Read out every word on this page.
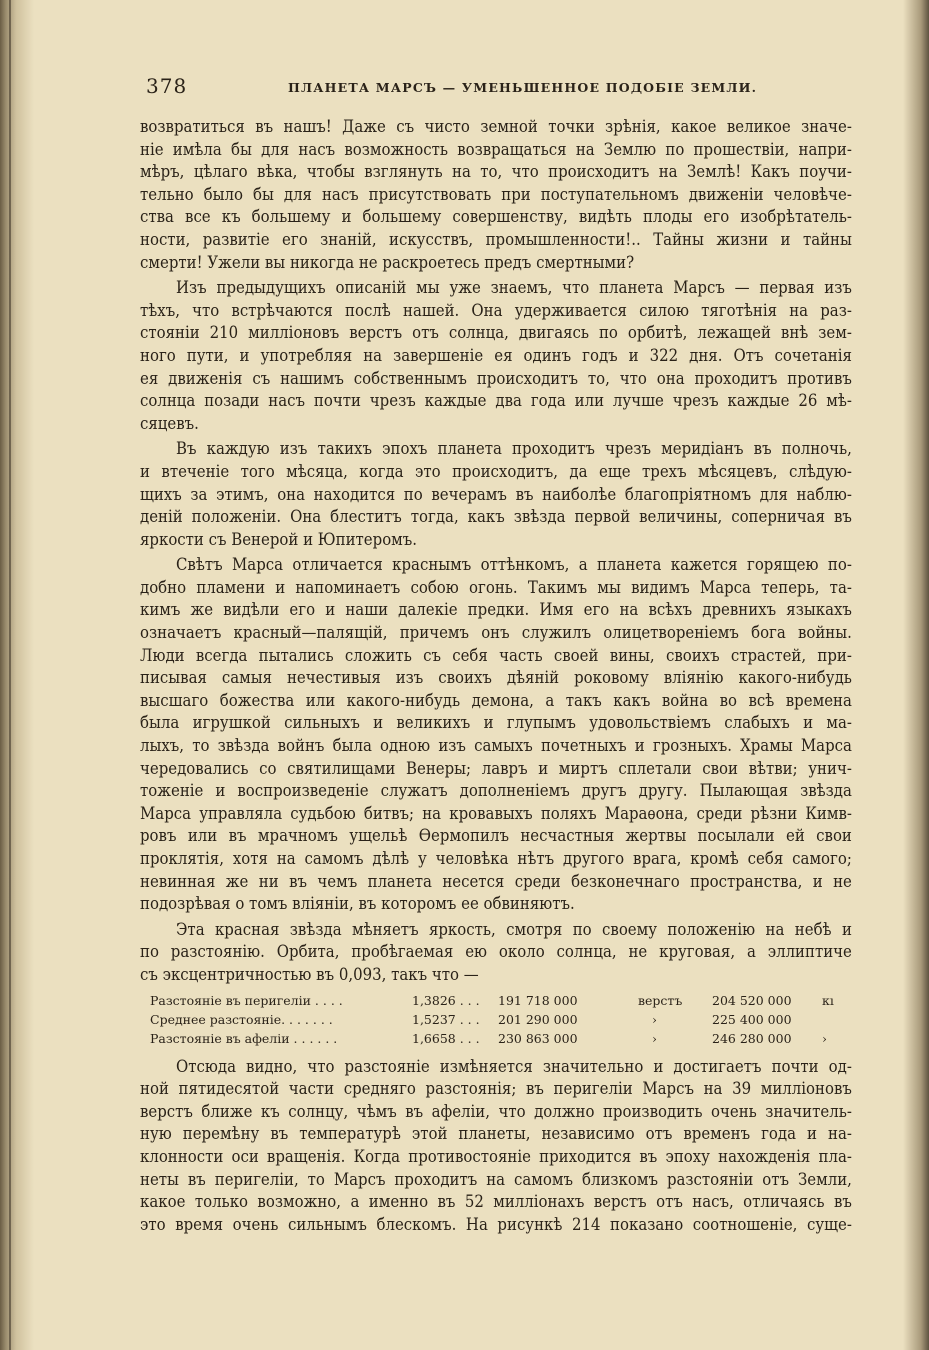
378	ПЛАНЕТА МАРСЪ — УМЕНЬШЕННОЕ ПОДОБІЕ ЗЕМЛИ.

возвратиться въ нашъ! Даже съ чисто земной точки зрѣнія, какое великое значе-
ніе имѣла бы для насъ возможность возвращаться на Землю по прошествіи, напри-
мѣръ, цѣлаго вѣка, чтобы взглянуть на то, что происходитъ на Землѣ! Какъ поучи-
тельно было бы для насъ присутствовать при поступательномъ движеніи человѣче-
ства все къ большему и большему совершенству, видѣть плоды его изобрѣтатель-
ности, развитіе его знаній, искусствъ, промышленности!.. Тайны жизни и тайны
смерти! Ужели вы никогда не раскроетесь предъ смертными?

Изъ предыдущихъ описаній мы уже знаемъ, что планета Марсъ — первая изъ
тѣхъ, что встрѣчаются послѣ нашей. Она удерживается силою тяготѣнія на раз-
стояніи 210 милліоновъ верстъ отъ солнца, двигаясь по орбитѣ, лежащей внѣ зем-
ного пути, и употребляя на завершеніе ея одинъ годъ и 322 дня. Отъ сочетанія
ея движенія съ нашимъ собственнымъ происходитъ то, что она проходитъ противъ
солнца позади насъ почти чрезъ каждые два года или лучше чрезъ каждые 26 мѣ-
сяцевъ.

Въ каждую изъ такихъ эпохъ планета проходитъ чрезъ меридіанъ въ полночь,
и втеченіе того мѣсяца, когда это происходитъ, да еще трехъ мѣсяцевъ, слѣдую-
щихъ за этимъ, она находится по вечерамъ въ наиболѣе благопріятномъ для наблю-
деній положеніи. Она блеститъ тогда, какъ звѣзда первой величины, соперничая въ
яркости съ Венерой и Юпитеромъ.

Свѣтъ Марса отличается краснымъ оттѣнкомъ, а планета кажется горящею по-
добно пламени и напоминаетъ собою огонь. Такимъ мы видимъ Марса теперь, та-
кимъ же видѣли его и наши далекіе предки. Имя его на всѣхъ древнихъ языкахъ
означаетъ красный—палящій, причемъ онъ служилъ олицетвореніемъ бога войны.
Люди всегда пытались сложить съ себя часть своей вины, своихъ страстей, при-
писывая самыя нечестивыя изъ своихъ дѣяній роковому вліянію какого-нибудь
высшаго божества или какого-нибудь демона, а такъ какъ война во всѣ времена
была игрушкой сильныхъ и великихъ и глупымъ удовольствіемъ слабыхъ и ма-
лыхъ, то звѣзда войнъ была одною изъ самыхъ почетныхъ и грозныхъ. Храмы Марса
чередовались со святилищами Венеры; лавръ и миртъ сплетали свои вѣтви; унич-
тоженіе и воспроизведеніе служатъ дополненіемъ другъ другу. Пылающая звѣзда
Марса управляла судьбою битвъ; на кровавыхъ поляхъ Мараѳона, среди рѣзни Кимв-
ровъ или въ мрачномъ ущельѣ Ѳермопилъ несчастныя жертвы посылали ей свои
проклятія, хотя на самомъ дѣлѣ у человѣка нѣтъ другого врага, кромѣ себя самого;
невинная же ни въ чемъ планета несется среди безконечнаго пространства, и не
подозрѣвая о томъ вліяніи, въ которомъ ее обвиняютъ.

Эта красная звѣзда мѣняетъ яркость, смотря по своему положенію на небѣ и
по разстоянію. Орбита, пробѣгаемая ею около солнца, не круговая, а эллиптиче
съ эксцентричностью въ 0,093, такъ что —

Разстояніе въ перигеліи . . . .	1,3826 . . .	191 718 000	верстъ	204 520 000	кı
Среднее разстояніе. . . . . . .	1,5237 . . .	201 290 000	›	225 400 000
Разстояніе въ афеліи . . . . . .	1,6658 . . .	230 863 000	›	246 280 000	›

Отсюда видно, что разстояніе измѣняется значительно и достигаетъ почти од-
ной пятидесятой части средняго разстоянія; въ перигеліи Марсъ на 39 милліоновъ
верстъ ближе къ солнцу, чѣмъ въ афеліи, что должно производить очень значитель-
ную перемѣну въ температурѣ этой планеты, независимо отъ временъ года и на-
клонности оси вращенія. Когда противостояніе приходится въ эпоху нахожденія пла-
неты въ перигеліи, то Марсъ проходитъ на самомъ близкомъ разстояніи отъ Земли,
какое только возможно, а именно въ 52 милліонахъ верстъ отъ насъ, отличаясь въ
это время очень сильнымъ блескомъ. На рисункѣ 214 показано соотношеніе, суще-
